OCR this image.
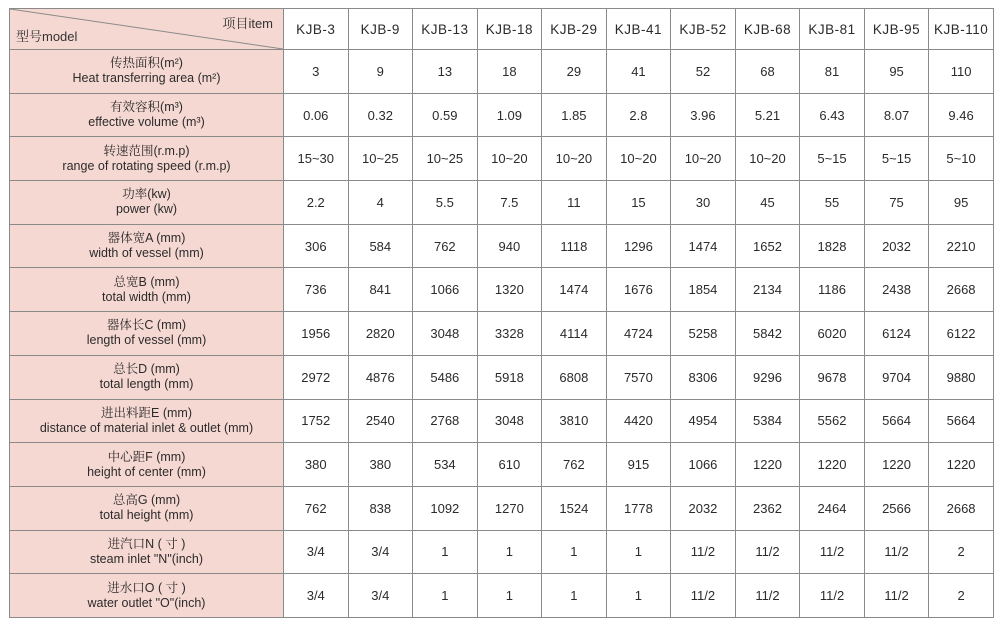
项目item
型号model	KJB-3	KJB-9	KJB-13	KJB-18	KJB-29	KJB-41	KJB-52	KJB-68	KJB-81	KJB-95	KJB-110

传热面积(m²)
Heat transferring area (m²)	3	9	13	18	29	41	52	68	81	95	110

有效容积(m³)
effective volume (m³)	0.06	0.32	0.59	1.09	1.85	2.8	3.96	5.21	6.43	8.07	9.46

转速范围(r.m.p)
range of rotating speed (r.m.p)	15~30	10~25	10~25	10~20	10~20	10~20	10~20	10~20	5~15	5~15	5~10

功率(kw)
power (kw)	2.2	4	5.5	7.5	11	15	30	45	55	75	95

器体宽A (mm)
width of vessel (mm)	306	584	762	940	1118	1296	1474	1652	1828	2032	2210

总宽B (mm)
total width (mm)	736	841	1066	1320	1474	1676	1854	2134	1186	2438	2668

器体长C (mm)
length of vessel (mm)	1956	2820	3048	3328	4114	4724	5258	5842	6020	6124	6122

总长D (mm)
total length (mm)	2972	4876	5486	5918	6808	7570	8306	9296	9678	9704	9880

进出料距E (mm)
distance of material inlet & outlet (mm)	1752	2540	2768	3048	3810	4420	4954	5384	5562	5664	5664

中心距F (mm)
height of center (mm)	380	380	534	610	762	915	1066	1220	1220	1220	1220

总高G (mm)
total height (mm)	762	838	1092	1270	1524	1778	2032	2362	2464	2566	2668

进汽口N ( 寸 )
steam inlet "N"(inch)	3/4	3/4	1	1	1	1	11/2	11/2	11/2	11/2	2

进水口O ( 寸 )
water outlet "O"(inch)	3/4	3/4	1	1	1	1	11/2	11/2	11/2	11/2	2
